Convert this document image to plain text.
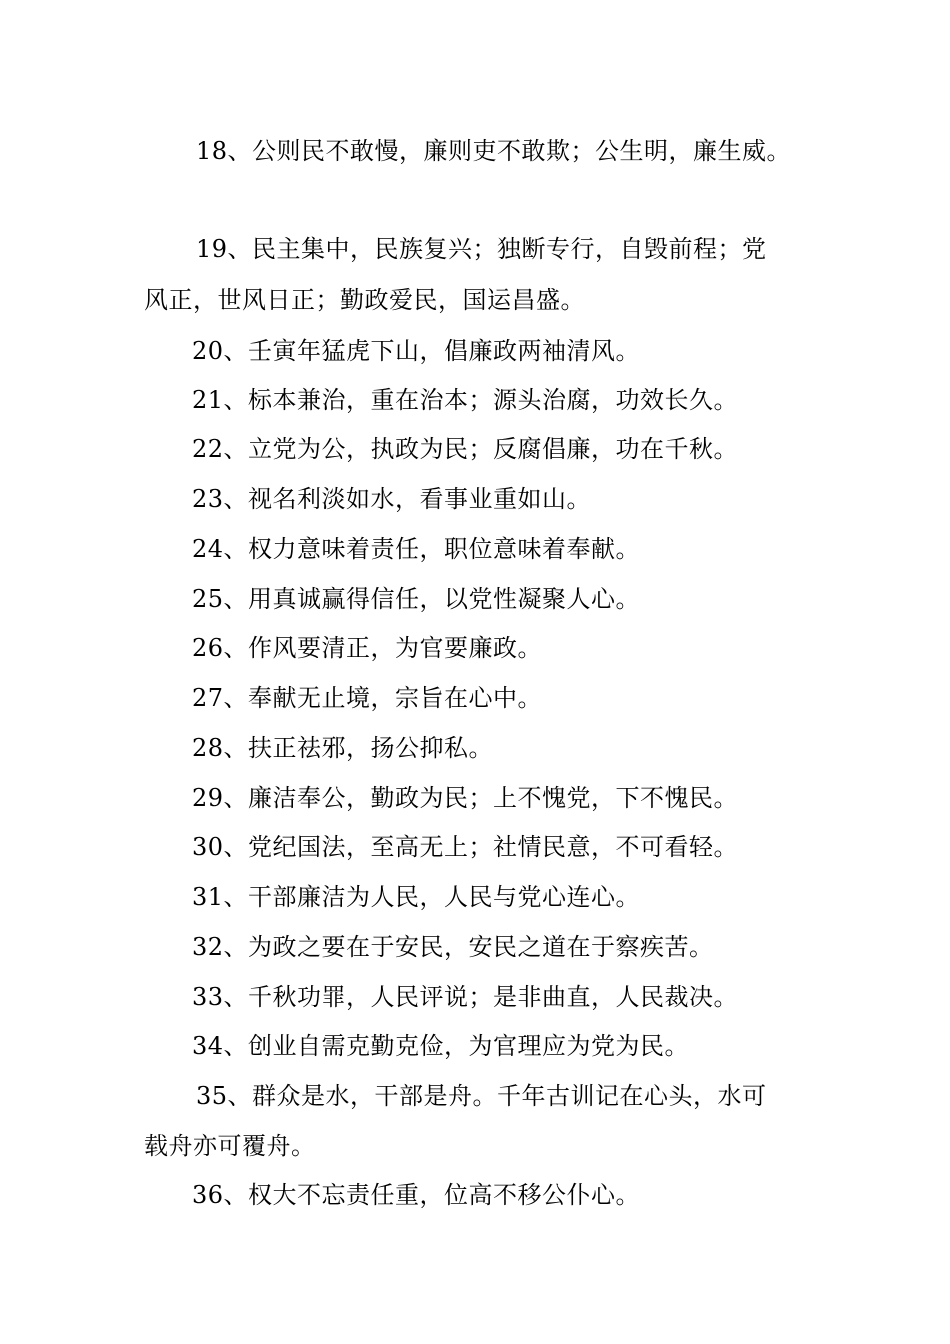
18、公则民不敢慢，廉则吏不敢欺；公生明，廉生威。
19、民主集中，民族复兴；独断专行，自毁前程；党
风正，世风日正；勤政爱民，国运昌盛。
20、壬寅年猛虎下山，倡廉政两袖清风。
21、标本兼治，重在治本；源头治腐，功效长久。
22、立党为公，执政为民；反腐倡廉，功在千秋。
23、视名利淡如水，看事业重如山。
24、权力意味着责任，职位意味着奉献。
25、用真诚赢得信任，以党性凝聚人心。
26、作风要清正，为官要廉政。
27、奉献无止境，宗旨在心中。
28、扶正祛邪，扬公抑私。
29、廉洁奉公，勤政为民；上不愧党，下不愧民。
30、党纪国法，至高无上；社情民意，不可看轻。
31、干部廉洁为人民，人民与党心连心。
32、为政之要在于安民，安民之道在于察疾苦。
33、千秋功罪，人民评说；是非曲直，人民裁决。
34、创业自需克勤克俭，为官理应为党为民。
35、群众是水，干部是舟。千年古训记在心头，水可
载舟亦可覆舟。
36、权大不忘责任重，位高不移公仆心。
